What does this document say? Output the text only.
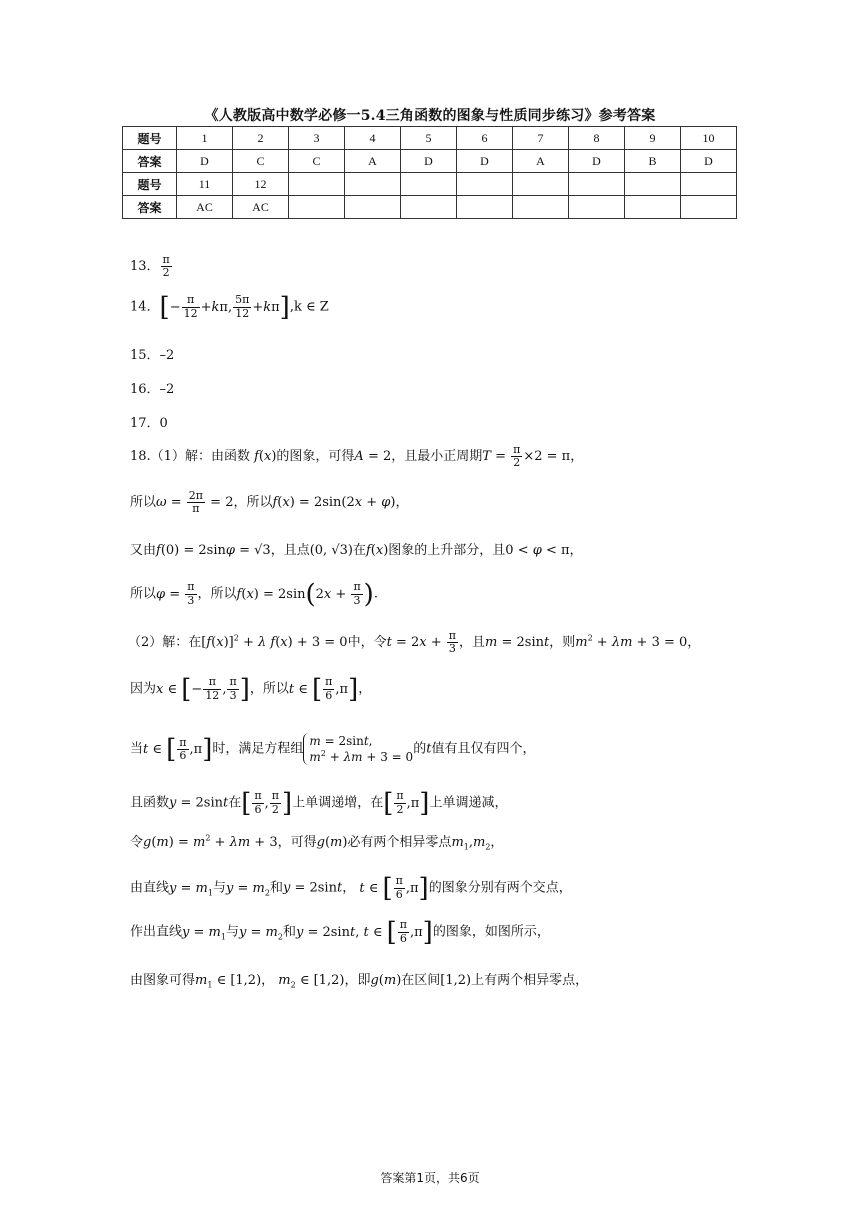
《人教版高中数学必修一5.4三角函数的图象与性质同步练习》参考答案
题号	1	2	3	4	5	6	7	8	9	10
答案	D	C	C	A	D	D	A	D	B	D
题号	11	12								
答案	AC	AC								
13． $\frac{\pi}{2}$
14．[− $\frac{\pi}{12} +k\pi$, $\frac{5\pi}{12} +k\pi],k$ ∈ Z
15．–2
16．–2
17．0
18.（1）解：由函数 f(x)的图象，可得A = 2，且最小正周期$T = \frac{\pi}{2} \times 2 = \pi$，
所以$\omega = \frac{2\pi}{\pi} = 2$，所以f(x) = 2sin(2x + φ)，
又由f(0) = 2sinφ = √3，且点(0, √3)在f(x)图象的上升部分，且0 < φ < π，
所以$\varphi = \frac{\pi}{3}$ ，所以$f(x) = 2\sin(2x + \frac{\pi}{3}$ ).
（2）解：在$[f(x)]^2 + \lambda$ f(x) + 3 = 0中，令$t = 2x + \frac{\pi}{3}$ ，且m = 2sint，则$m^2 + \lambda m + 3 = 0$，
因为x ∈ [− $\frac{\pi}{12}$ , $\frac{\pi}{3}$ ]，所以t ∈ [ $\frac{\pi}{6} ,\pi$]，
当t ∈ [ $\frac{\pi}{6} ,\pi$]时，满足方程组m = 2sint,
$m^2 + \lambda m + 3 = 0$的t值有且仅有四个，
且函数y = 2sint在[ $\frac{\pi}{6}$ , $\frac{\pi}{2}$ ]上单调递增，在[ $\frac{\pi}{2} ,\pi$]上单调递减，
令$g(m) = m^2 + \lambda m + 3$，可得g(m)必有两个相异零点$m_1,m_2$，
由直线$y = m_1$与$y = m_2$和y = 2sint， t ∈ [ $\frac{\pi}{6} ,\pi$]的图象分别有两个交点，
作出直线$y = m_1$与$y = m_2$和y = 2sint, t ∈ [ $\frac{\pi}{6} ,\pi$]的图象，如图所示，
由图象可得$m_1$ ∈ [1,2)， $m_2$ ∈ [1,2)，即g(m)在区间[1,2)上有两个相异零点，
答案第1页，共6页
